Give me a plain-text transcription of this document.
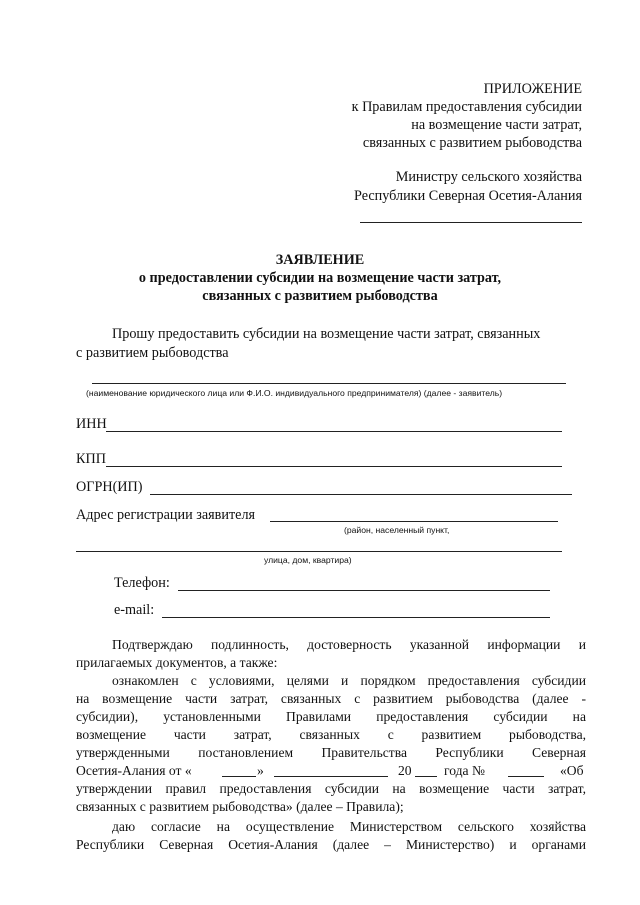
ПРИЛОЖЕНИЕ
к Правилам предоставления субсидии
на возмещение части затрат,
связанных с развитием рыбоводства
Министру сельского хозяйства
Республики Северная Осетия-Алания
ЗАЯВЛЕНИЕ
о предоставлении субсидии на возмещение части затрат,
связанных с развитием рыбоводства
Прошу предоставить субсидии на возмещение части затрат, связанных
с развитием рыбоводства
(наименование юридического лица или Ф.И.О. индивидуального предпринимателя) (далее - заявитель)
ИНН
КПП
ОГРН(ИП)
Адрес регистрации заявителя
(район, населенный пункт,
улица, дом, квартира)
Телефон:
e-mail:
Подтверждаю подлинность, достоверность указанной информации и
прилагаемых документов, а также:
ознакомлен с условиями, целями и порядком предоставления субсидии
на возмещение части затрат, связанных с развитием рыбоводства (далее -
субсидии), установленными Правилами предоставления субсидии на
возмещение части затрат, связанных с развитием рыбоводства,
утвержденными постановлением Правительства Республики Северная
Осетия-Алания от «	»	20 года №	«Об
утверждении правил предоставления субсидии на возмещение части затрат,
связанных с развитием рыбоводства» (далее – Правила);
даю согласие на осуществление Министерством сельского хозяйства
Республики Северная Осетия-Алания (далее – Министерство) и органами
